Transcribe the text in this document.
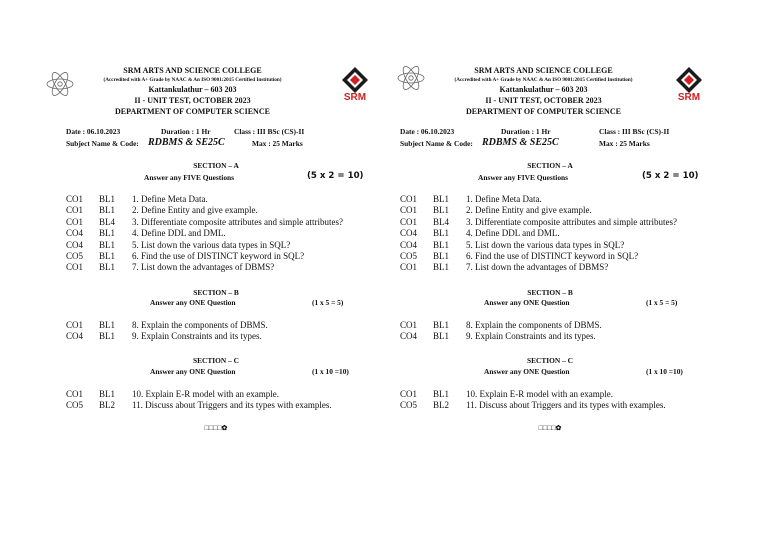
SRM ARTS AND SCIENCE COLLEGE
(Accredited with A+ Grade by NAAC & An ISO 9001:2015 Certified Institution)
Kattankulathur – 603 203
II - UNIT TEST, OCTOBER 2023
DEPARTMENT OF COMPUTER SCIENCE
SRM
Date : 06.10.2023	Duration : 1 Hr	Class : III BSc (CS)-II
Subject Name & Code: RDBMS & SE25C	Max : 25 Marks
SECTION – A
Answer any FIVE Questions	(5 x 2 = 10)
CO1	BL1	1. Define Meta Data.
CO1	BL1	2. Define Entity and give example.
CO1	BL4	3. Differentiate composite attributes and simple attributes?
CO4	BL1	4. Define DDL and DML.
CO4	BL1	5. List down the various data types in SQL?
CO5	BL1	6. Find the use of DISTINCT keyword in SQL?
CO1	BL1	7. List down the advantages of DBMS?
SECTION – B
Answer any ONE Question	(1 x 5 = 5)
CO1	BL1	8. Explain the components of DBMS.
CO4	BL1	9. Explain Constraints and its types.
SECTION – C
Answer any ONE Question	(1 x 10 =10)
CO1	BL1	10. Explain E-R model with an example.
CO5	BL2	11. Discuss about Triggers and its types with examples.
□□□□✿
SRM ARTS AND SCIENCE COLLEGE
(Accredited with A+ Grade by NAAC & An ISO 9001:2015 Certified Institution)
Kattankulathur – 603 203
II - UNIT TEST, OCTOBER 2023
DEPARTMENT OF COMPUTER SCIENCE
SRM
Date : 06.10.2023	Duration : 1 Hr	Class : III BSc (CS)-II
Subject Name & Code: RDBMS & SE25C	Max : 25 Marks
SECTION – A
Answer any FIVE Questions	(5 x 2 = 10)
CO1	BL1	1. Define Meta Data.
CO1	BL1	2. Define Entity and give example.
CO1	BL4	3. Differentiate composite attributes and simple attributes?
CO4	BL1	4. Define DDL and DML.
CO4	BL1	5. List down the various data types in SQL?
CO5	BL1	6. Find the use of DISTINCT keyword in SQL?
CO1	BL1	7. List down the advantages of DBMS?
SECTION – B
Answer any ONE Question	(1 x 5 = 5)
CO1	BL1	8. Explain the components of DBMS.
CO4	BL1	9. Explain Constraints and its types.
SECTION – C
Answer any ONE Question	(1 x 10 =10)
CO1	BL1	10. Explain E-R model with an example.
CO5	BL2	11. Discuss about Triggers and its types with examples.
□□□□✿
